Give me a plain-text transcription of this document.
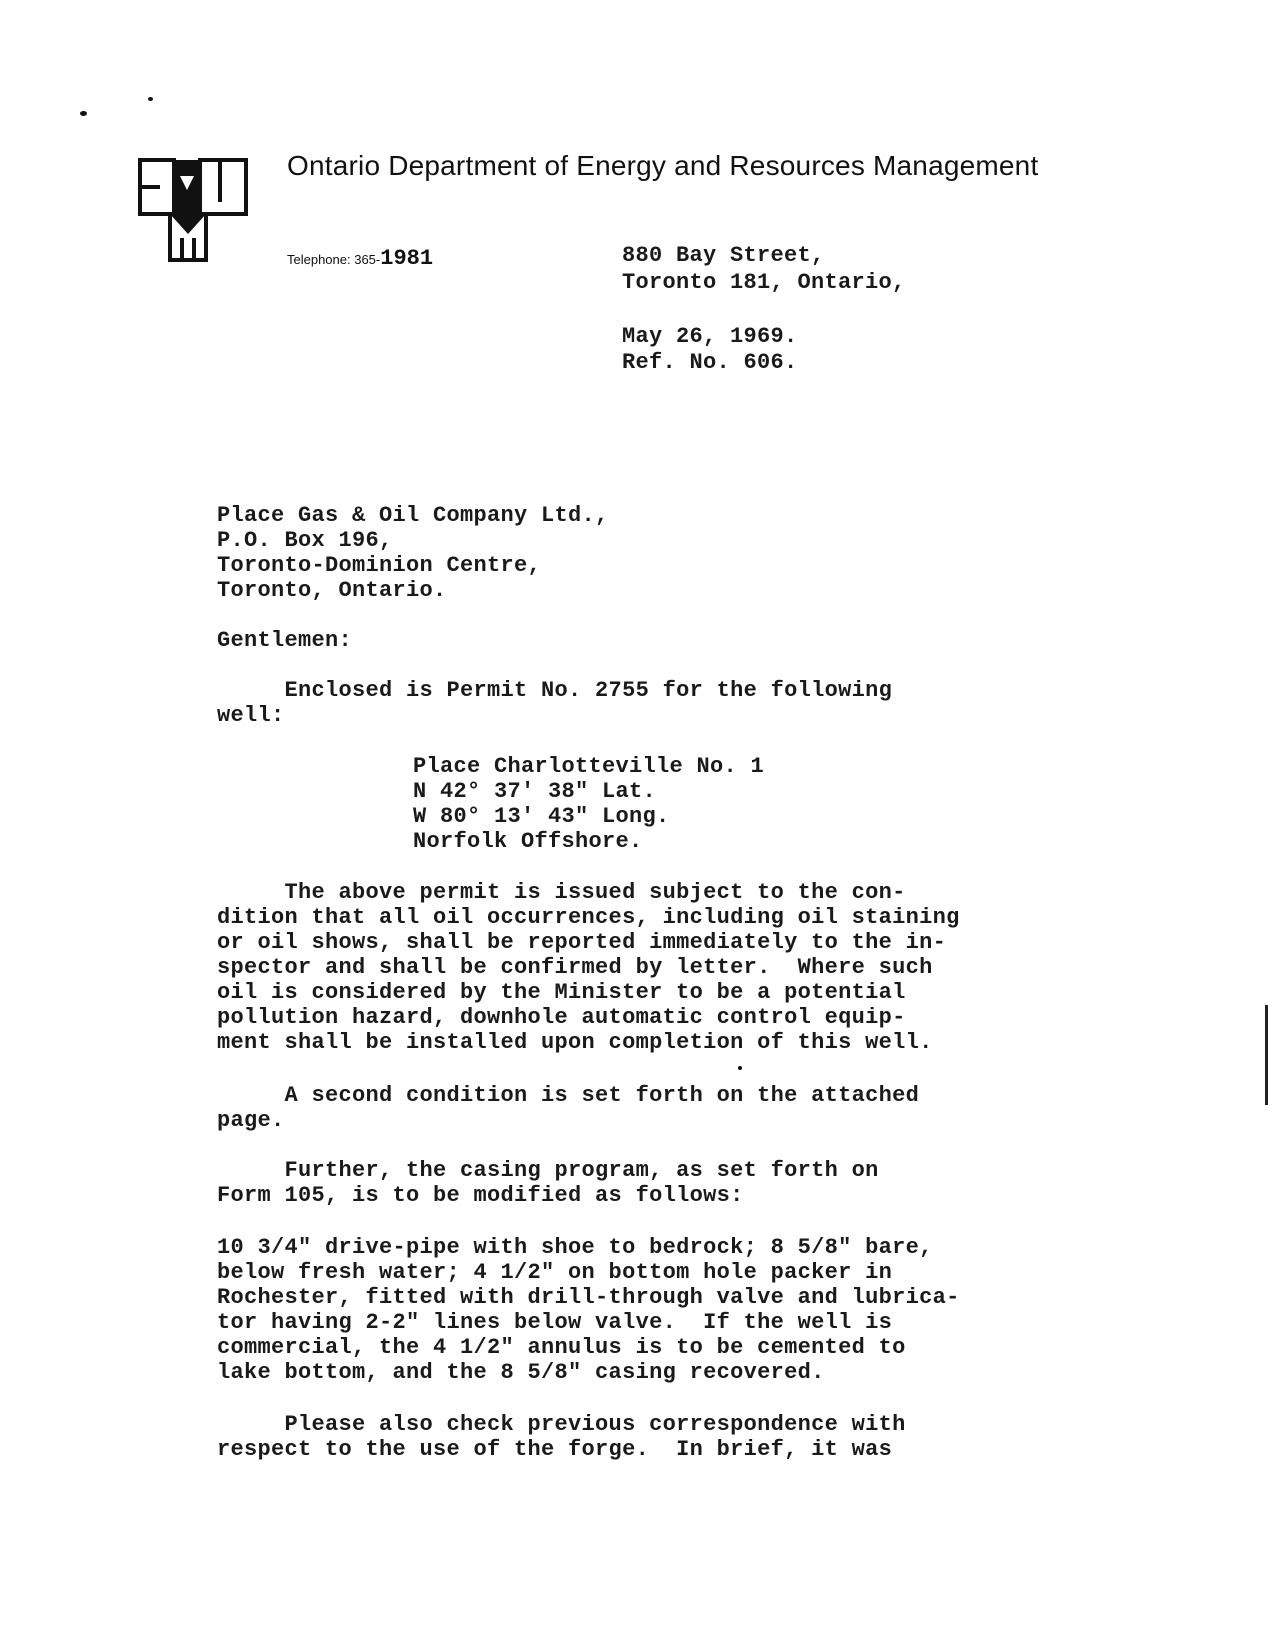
Ontario Department of Energy and Resources Management
Telephone: 365-1981	880 Bay Street,
Toronto 181, Ontario,
May 26, 1969.
Ref. No. 606.
Place Gas & Oil Company Ltd.,
P.O. Box 196,
Toronto-Dominion Centre,
Toronto, Ontario.
Gentlemen:
Enclosed is Permit No. 2755 for the following
well:
Place Charlotteville No. 1
N 42° 37' 38" Lat.
W 80° 13' 43" Long.
Norfolk Offshore.
The above permit is issued subject to the con-
dition that all oil occurrences, including oil staining
or oil shows, shall be reported immediately to the in-
spector and shall be confirmed by letter.  Where such
oil is considered by the Minister to be a potential
pollution hazard, downhole automatic control equip-
ment shall be installed upon completion of this well.
A second condition is set forth on the attached
page.
Further, the casing program, as set forth on
Form 105, is to be modified as follows:
10 3/4" drive-pipe with shoe to bedrock; 8 5/8" bare,
below fresh water; 4 1/2" on bottom hole packer in
Rochester, fitted with drill-through valve and lubrica-
tor having 2-2" lines below valve.  If the well is
commercial, the 4 1/2" annulus is to be cemented to
lake bottom, and the 8 5/8" casing recovered.
Please also check previous correspondence with
respect to the use of the forge.  In brief, it was
